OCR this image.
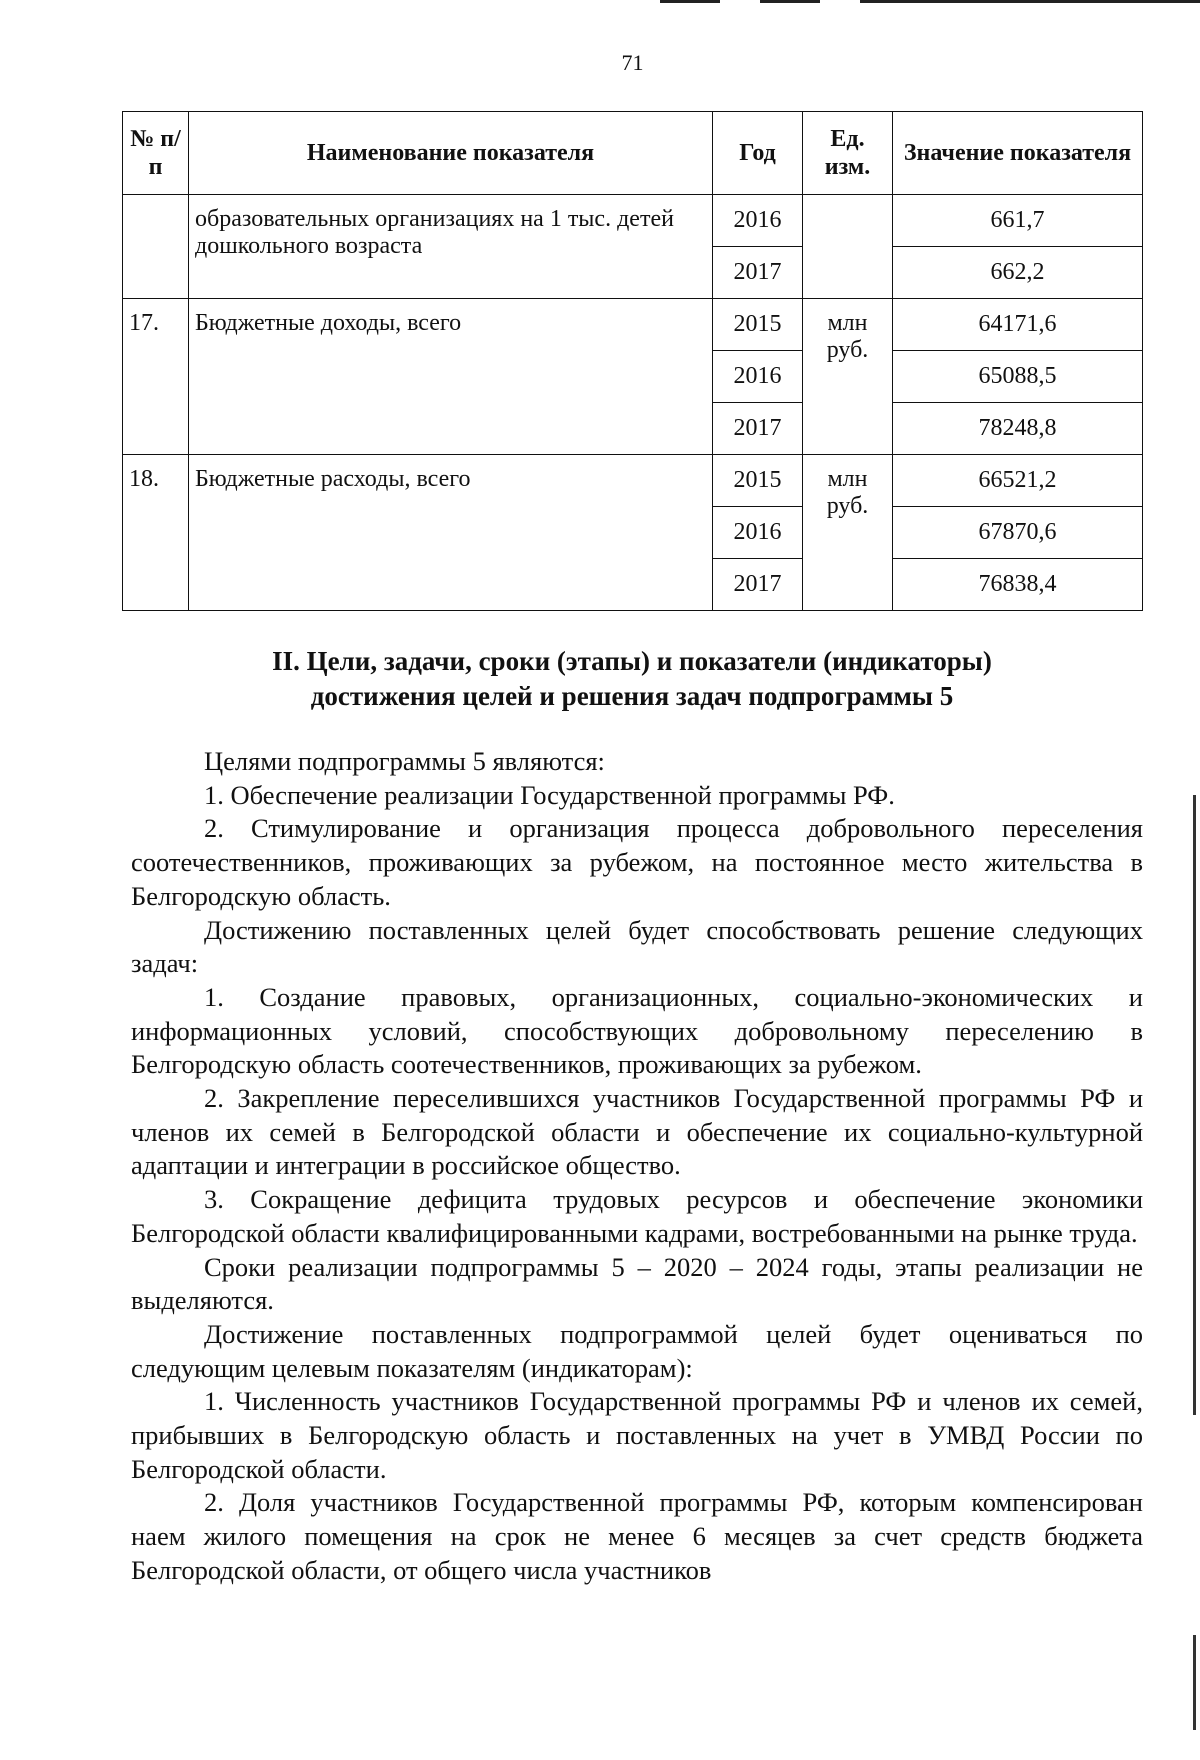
71
№ п/п	Наименование показателя	Год	Ед. изм.	Значение показателя
	образовательных организациях на 1 тыс. детей дошкольного возраста	2016		661,7
		2017		662,2
17.	Бюджетные доходы, всего	2015	млн руб.	64171,6
		2016		65088,5
		2017		78248,8
18.	Бюджетные расходы, всего	2015	млн руб.	66521,2
		2016		67870,6
		2017		76838,4
II. Цели, задачи, сроки (этапы) и показатели (индикаторы)
достижения целей и решения задач подпрограммы 5

Целями подпрограммы 5 являются:

1. Обеспечение реализации Государственной программы РФ.

2. Стимулирование и организация процесса добровольного переселения соотечественников, проживающих за рубежом, на постоянное место жительства в Белгородскую область.

Достижению поставленных целей будет способствовать решение следующих задач:

1. Создание правовых, организационных, социально-экономических и информационных условий, способствующих добровольному переселению в Белгородскую область соотечественников, проживающих за рубежом.

2. Закрепление переселившихся участников Государственной программы РФ и членов их семей в Белгородской области и обеспечение их социально-культурной адаптации и интеграции в российское общество.

3. Сокращение дефицита трудовых ресурсов и обеспечение экономики Белгородской области квалифицированными кадрами, востребованными на рынке труда.

Сроки реализации подпрограммы 5 – 2020 – 2024 годы, этапы реализации не выделяются.

Достижение поставленных подпрограммой целей будет оцениваться по следующим целевым показателям (индикаторам):

1. Численность участников Государственной программы РФ и членов их семей, прибывших в Белгородскую область и поставленных на учет в УМВД России по Белгородской области.

2. Доля участников Государственной программы РФ, которым компенсирован наем жилого помещения на срок не менее 6 месяцев за счет средств бюджета Белгородской области, от общего числа участников
